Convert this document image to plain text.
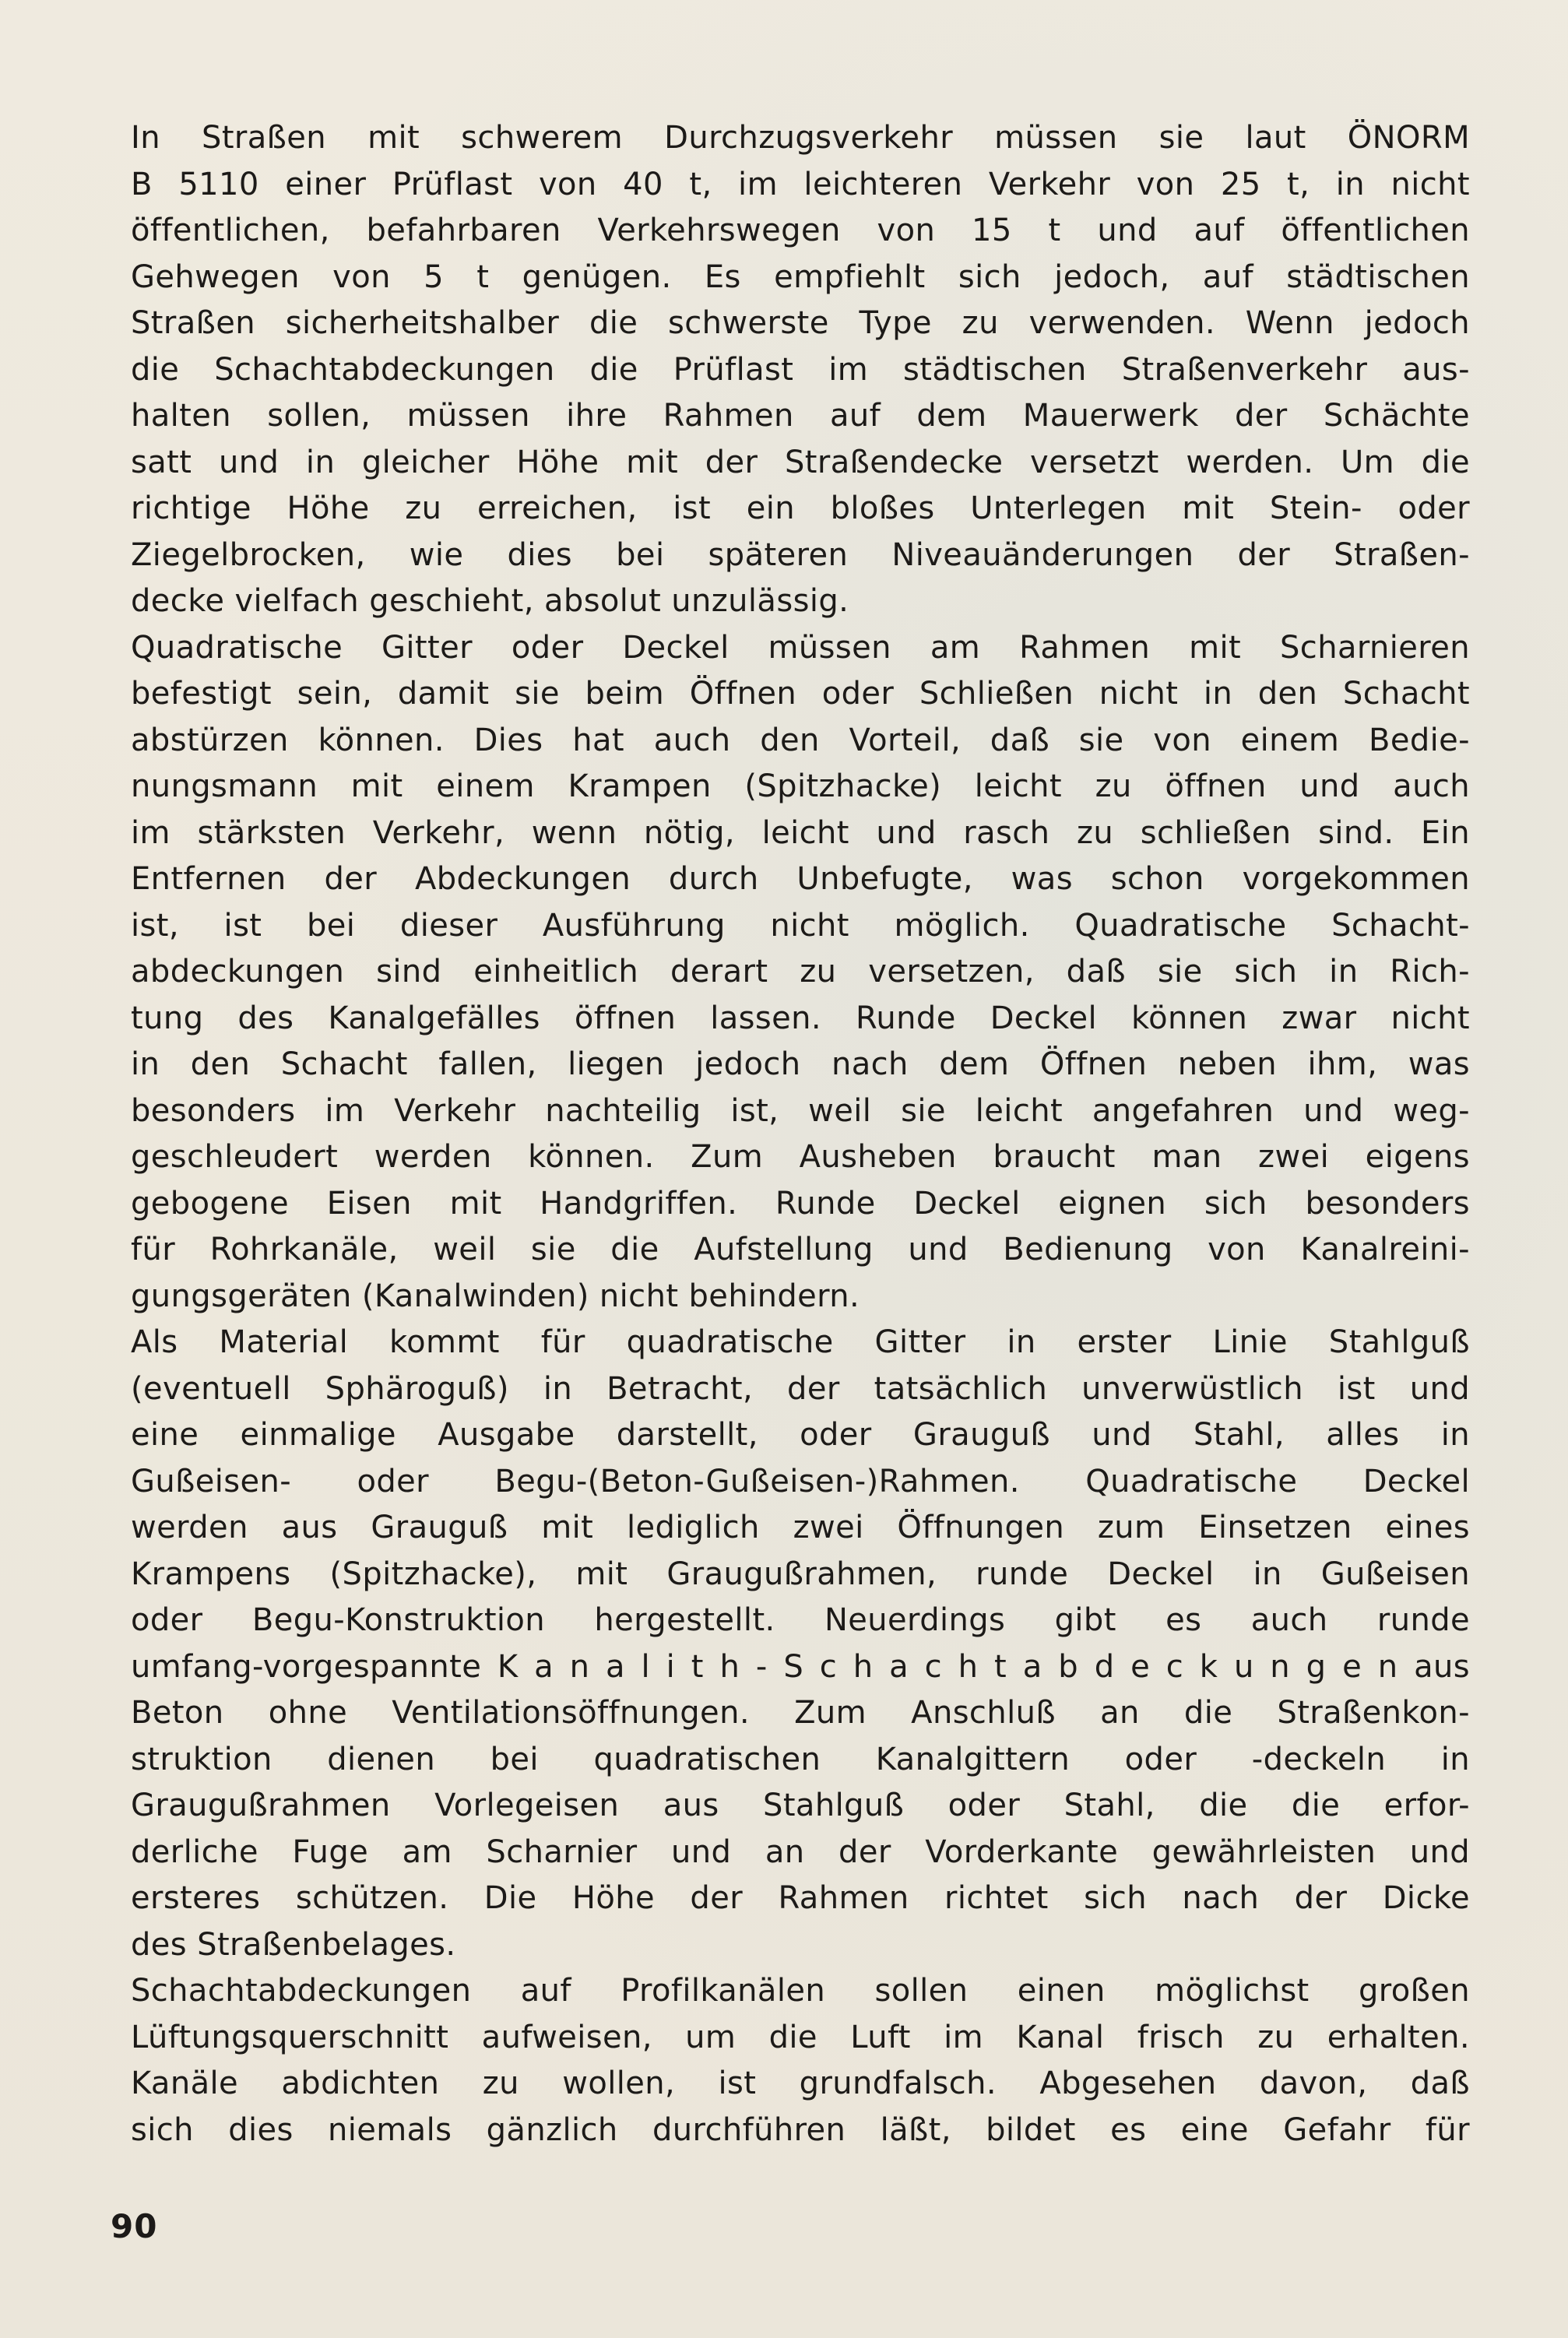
In Straßen mit schwerem Durchzugsverkehr müssen sie laut ÖNORM
B 5110 einer Prüflast von 40 t, im leichteren Verkehr von 25 t, in nicht
öffentlichen, befahrbaren Verkehrswegen von 15 t und auf öffentlichen
Gehwegen von 5 t genügen. Es empfiehlt sich jedoch, auf städtischen
Straßen sicherheitshalber die schwerste Type zu verwenden. Wenn jedoch
die Schachtabdeckungen die Prüflast im städtischen Straßenverkehr aus-
halten sollen, müssen ihre Rahmen auf dem Mauerwerk der Schächte
satt und in gleicher Höhe mit der Straßendecke versetzt werden. Um die
richtige Höhe zu erreichen, ist ein bloßes Unterlegen mit Stein- oder
Ziegelbrocken, wie dies bei späteren Niveauänderungen der Straßen-
decke vielfach geschieht, absolut unzulässig.
Quadratische Gitter oder Deckel müssen am Rahmen mit Scharnieren
befestigt sein, damit sie beim Öffnen oder Schließen nicht in den Schacht
abstürzen können. Dies hat auch den Vorteil, daß sie von einem Bedie-
nungsmann mit einem Krampen (Spitzhacke) leicht zu öffnen und auch
im stärksten Verkehr, wenn nötig, leicht und rasch zu schließen sind. Ein
Entfernen der Abdeckungen durch Unbefugte, was schon vorgekommen
ist, ist bei dieser Ausführung nicht möglich. Quadratische Schacht-
abdeckungen sind einheitlich derart zu versetzen, daß sie sich in Rich-
tung des Kanalgefälles öffnen lassen. Runde Deckel können zwar nicht
in den Schacht fallen, liegen jedoch nach dem Öffnen neben ihm, was
besonders im Verkehr nachteilig ist, weil sie leicht angefahren und weg-
geschleudert werden können. Zum Ausheben braucht man zwei eigens
gebogene Eisen mit Handgriffen. Runde Deckel eignen sich besonders
für Rohrkanäle, weil sie die Aufstellung und Bedienung von Kanalreini-
gungsgeräten (Kanalwinden) nicht behindern.
Als Material kommt für quadratische Gitter in erster Linie Stahlguß
(eventuell Sphäroguß) in Betracht, der tatsächlich unverwüstlich ist und
eine einmalige Ausgabe darstellt, oder Grauguß und Stahl, alles in
Gußeisen- oder Begu-(Beton-Gußeisen-)Rahmen. Quadratische Deckel
werden aus Grauguß mit lediglich zwei Öffnungen zum Einsetzen eines
Krampens (Spitzhacke), mit Graugußrahmen, runde Deckel in Gußeisen
oder Begu-Konstruktion hergestellt. Neuerdings gibt es auch runde
umfang-vorgespannte K a n a l i t h - S c h a c h t a b d e c k u n g e n aus
Beton ohne Ventilationsöffnungen. Zum Anschluß an die Straßenkon-
struktion dienen bei quadratischen Kanalgittern oder -deckeln in
Graugußrahmen Vorlegeisen aus Stahlguß oder Stahl, die die erfor-
derliche Fuge am Scharnier und an der Vorderkante gewährleisten und
ersteres schützen. Die Höhe der Rahmen richtet sich nach der Dicke
des Straßenbelages.
Schachtabdeckungen auf Profilkanälen sollen einen möglichst großen
Lüftungsquerschnitt aufweisen, um die Luft im Kanal frisch zu erhalten.
Kanäle abdichten zu wollen, ist grundfalsch. Abgesehen davon, daß
sich dies niemals gänzlich durchführen läßt, bildet es eine Gefahr für
90
